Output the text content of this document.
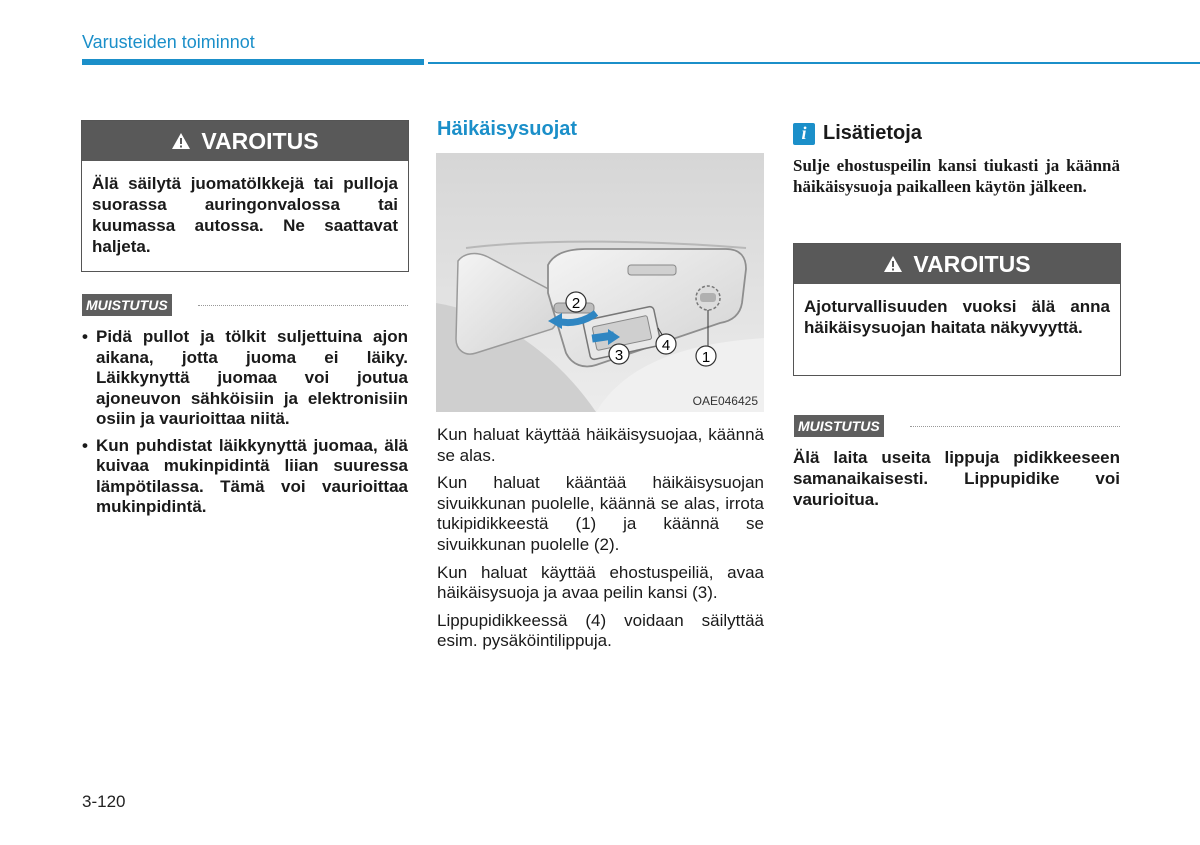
Varusteiden toiminnot
VAROITUS
Älä säilytä juomatölkkejä tai pulloja suorassa auringonvalossa tai kuumassa autossa. Ne saattavat haljeta.
MUISTUTUS
• Pidä pullot ja tölkit suljettuina ajon aikana, jotta juoma ei läiky. Läikkynyttä juomaa voi joutua ajoneuvon sähköisiin ja elektronisiin osiin ja vaurioittaa niitä.
• Kun puhdistat läikkynyttä juomaa, älä kuivaa mukinpidintä liian suuressa lämpötilassa. Tämä voi vaurioittaa mukinpidintä.
Häikäisysuojat
2
3
4
1
OAE046425

Kun haluat käyttää häikäisysuojaa, käännä se alas.

Kun haluat kääntää häikäisysuojan sivuikkunan puolelle, käännä se alas, irrota tukipidikkeestä (1) ja käännä se sivuikkunan puolelle (2).

Kun haluat käyttää ehostuspeiliä, avaa häikäisysuoja ja avaa peilin kansi (3).

Lippupidikkeessä (4) voidaan säilyttää esim. pysäköintilippuja.

i Lisätietoja
Sulje ehostuspeilin kansi tiukasti ja käännä häikäisysuoja paikalleen käytön jälkeen.
VAROITUS
Ajoturvallisuuden vuoksi älä anna häikäisysuojan haitata näkyvyyttä.
MUISTUTUS
Älä laita useita lippuja pidikkeeseen samanaikaisesti. Lippupidike voi vaurioitua.
3-120
